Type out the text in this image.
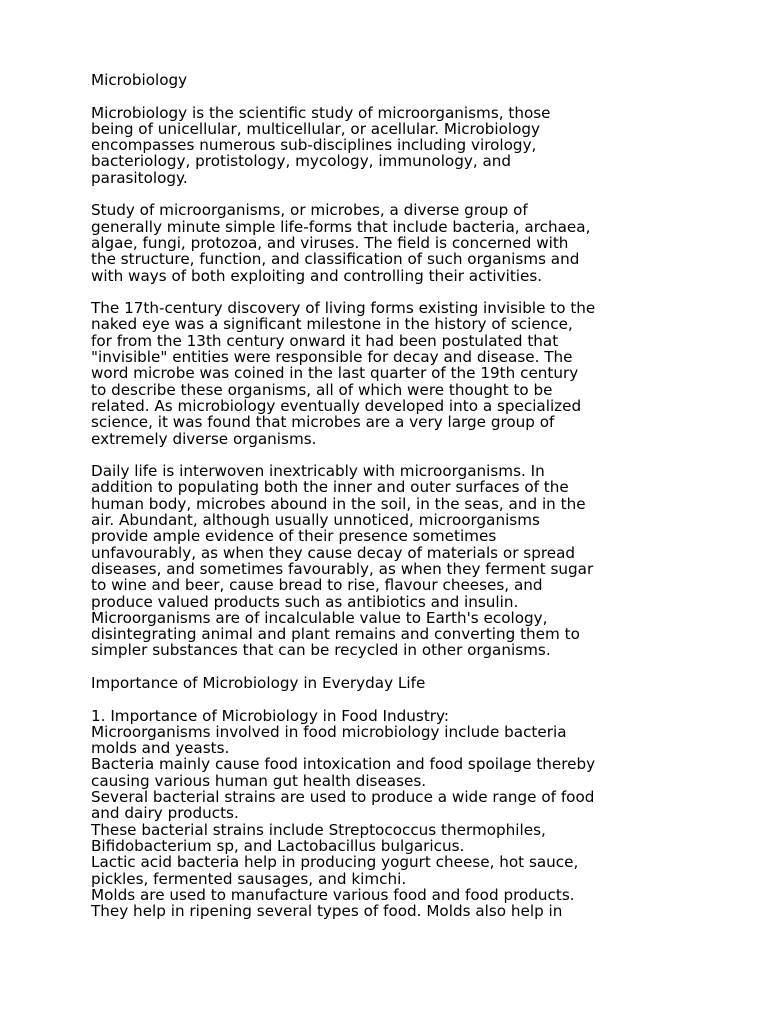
Microbiology
Microbiology is the scientific study of microorganisms, those
being of unicellular, multicellular, or acellular. Microbiology
encompasses numerous sub-disciplines including virology,
bacteriology, protistology, mycology, immunology, and
parasitology.
Study of microorganisms, or microbes, a diverse group of
generally minute simple life-forms that include bacteria, archaea,
algae, fungi, protozoa, and viruses. The field is concerned with
the structure, function, and classification of such organisms and
with ways of both exploiting and controlling their activities.
The 17th-century discovery of living forms existing invisible to the
naked eye was a significant milestone in the history of science,
for from the 13th century onward it had been postulated that
"invisible" entities were responsible for decay and disease. The
word microbe was coined in the last quarter of the 19th century
to describe these organisms, all of which were thought to be
related. As microbiology eventually developed into a specialized
science, it was found that microbes are a very large group of
extremely diverse organisms.
Daily life is interwoven inextricably with microorganisms. In
addition to populating both the inner and outer surfaces of the
human body, microbes abound in the soil, in the seas, and in the
air. Abundant, although usually unnoticed, microorganisms
provide ample evidence of their presence sometimes
unfavourably, as when they cause decay of materials or spread
diseases, and sometimes favourably, as when they ferment sugar
to wine and beer, cause bread to rise, flavour cheeses, and
produce valued products such as antibiotics and insulin.
Microorganisms are of incalculable value to Earth's ecology,
disintegrating animal and plant remains and converting them to
simpler substances that can be recycled in other organisms.
Importance of Microbiology in Everyday Life
1. Importance of Microbiology in Food Industry:
Microorganisms involved in food microbiology include bacteria
molds and yeasts.
Bacteria mainly cause food intoxication and food spoilage thereby
causing various human gut health diseases.
Several bacterial strains are used to produce a wide range of food
and dairy products.
These bacterial strains include Streptococcus thermophiles,
Bifidobacterium sp, and Lactobacillus bulgaricus.
Lactic acid bacteria help in producing yogurt cheese, hot sauce,
pickles, fermented sausages, and kimchi.
Molds are used to manufacture various food and food products.
They help in ripening several types of food. Molds also help in
